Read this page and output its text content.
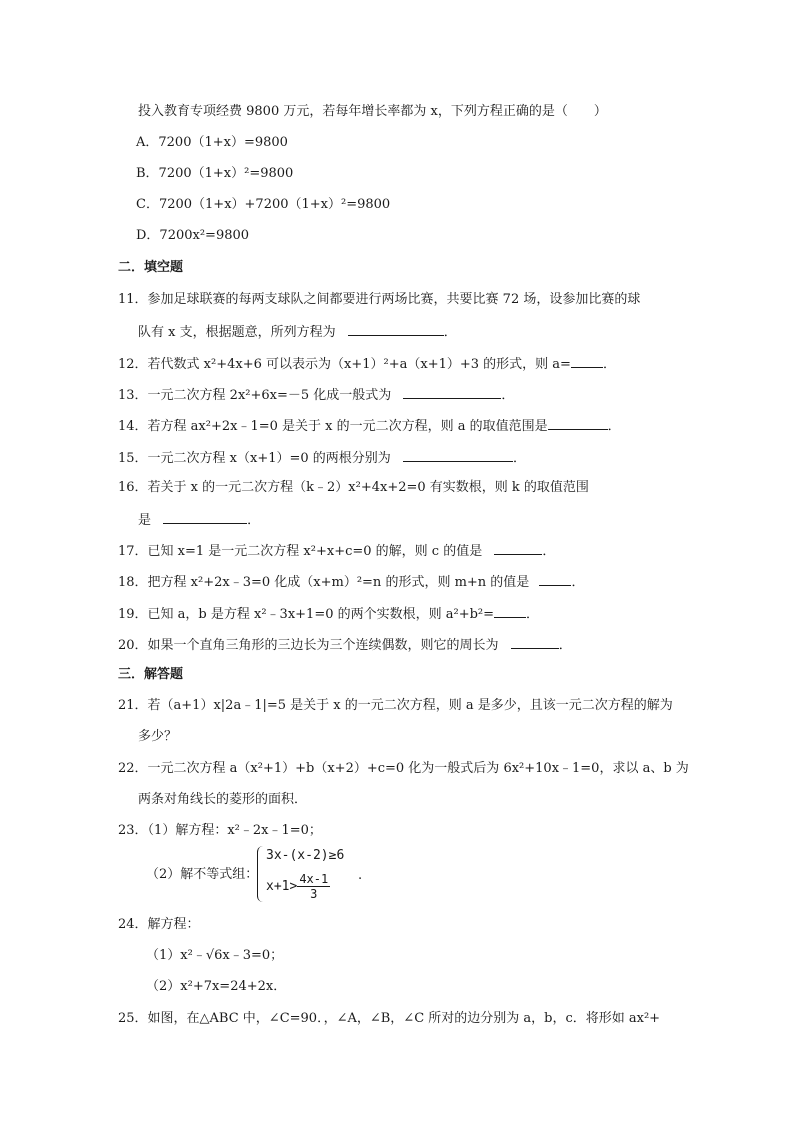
投入教育专项经费 9800 万元，若每年增长率都为 x，下列方程正确的是（　　）
A．7200（1+x）=9800
B．7200（1+x）²=9800
C．7200（1+x）+7200（1+x）²=9800
D．7200x²=9800
二．填空题
11．参加足球联赛的每两支球队之间都要进行两场比赛，共要比赛 72 场，设参加比赛的球
队有 x 支，根据题意，所列方程为	．
12．若代数式 x²+4x+6 可以表示为（x+1）²+a（x+1）+3 的形式，则 a= ．
13．一元二次方程 2x²+6x=－5 化成一般式为	．
14．若方程 ax²+2x﹣1=0 是关于 x 的一元二次方程，则 a 的取值范围是	．
15．一元二次方程 x（x+1）=0 的两根分别为	．
16．若关于 x 的一元二次方程（k﹣2）x²+4x+2=0 有实数根，则 k 的取值范围
是	．
17．已知 x=1 是一元二次方程 x²+x+c=0 的解，则 c 的值是	．
18．把方程 x²+2x﹣3=0 化成（x+m）²=n 的形式，则 m+n 的值是	．
19．已知 a，b 是方程 x²﹣3x+1=0 的两个实数根，则 a²+b²= ．
20．如果一个直角三角形的三边长为三个连续偶数，则它的周长为	．
三．解答题
21．若（a+1）x|2a﹣1|=5 是关于 x 的一元二次方程，则 a 是多少，且该一元二次方程的解为
多少？
22．一元二次方程 a（x²+1）+b（x+2）+c=0 化为一般式后为 6x²+10x﹣1=0，求以 a、b 为
两条对角线长的菱形的面积．
23．（1）解方程：x²﹣2x﹣1=0；
（2）解不等式组：
3x-(x-2)≥6
$x+1> \frac{4x-1}{3}$ .
24．解方程：
（1）x²﹣√6x﹣3=0；
（2）x²+7x=24+2x．
25．如图，在△ABC 中，∠C=90．，∠A，∠B，∠C 所对的边分别为 a，b，c．将形如 ax²+
